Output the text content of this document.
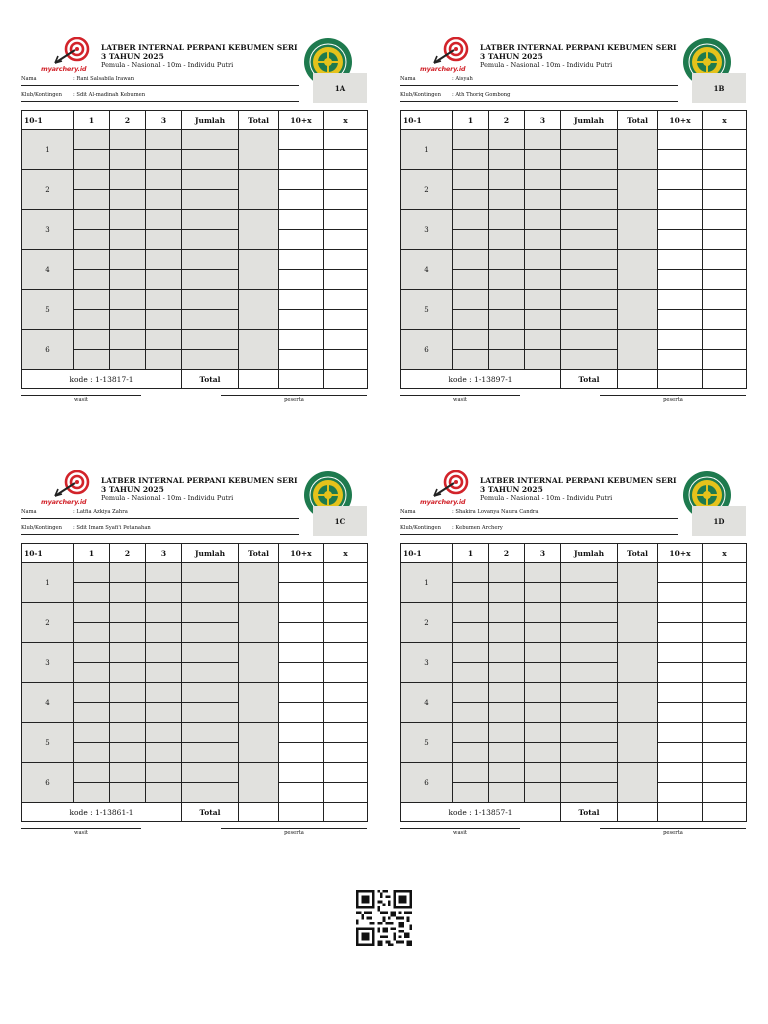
myarchery.id
LATBER INTERNAL PERPANI KEBUMEN SERI 3 TAHUN 2025
Pemula - Nasional - 10m - Individu Putri
Nama	: Rani Salsabila Irawan
Klub/Kontingen : Sdit Al-madinah Kebumen
1A
10-1	1	2	3	Jumlah	Total	10+x	x
1							

2							

3							

4							

5							

6							

kode : 1-13817-1				Total			
wasit	peserta
myarchery.id
LATBER INTERNAL PERPANI KEBUMEN SERI 3 TAHUN 2025
Pemula - Nasional - 10m - Individu Putri
Nama	: Aisyah
Klub/Kontingen : Ath Thoriq Gombong
1B
10-1	1	2	3	Jumlah	Total	10+x	x
1							

2							

3							

4							

5							

6							

kode : 1-13897-1				Total			
wasit	peserta
myarchery.id
LATBER INTERNAL PERPANI KEBUMEN SERI 3 TAHUN 2025
Pemula - Nasional - 10m - Individu Putri
Nama	: Latfia Azkiya Zahra
Klub/Kontingen : Sdit Imam Syafi'i Petanahan
1C
10-1	1	2	3	Jumlah	Total	10+x	x
1							

2							

3							

4							

5							

6							

kode : 1-13861-1				Total			
wasit	peserta
myarchery.id
LATBER INTERNAL PERPANI KEBUMEN SERI 3 TAHUN 2025
Pemula - Nasional - 10m - Individu Putri
Nama	: Shakira Lovanya Naura Candra
Klub/Kontingen : Kebumen Archery
1D
10-1	1	2	3	Jumlah	Total	10+x	x
1							

2							

3							

4							

5							

6							

kode : 1-13857-1				Total			
wasit	peserta
